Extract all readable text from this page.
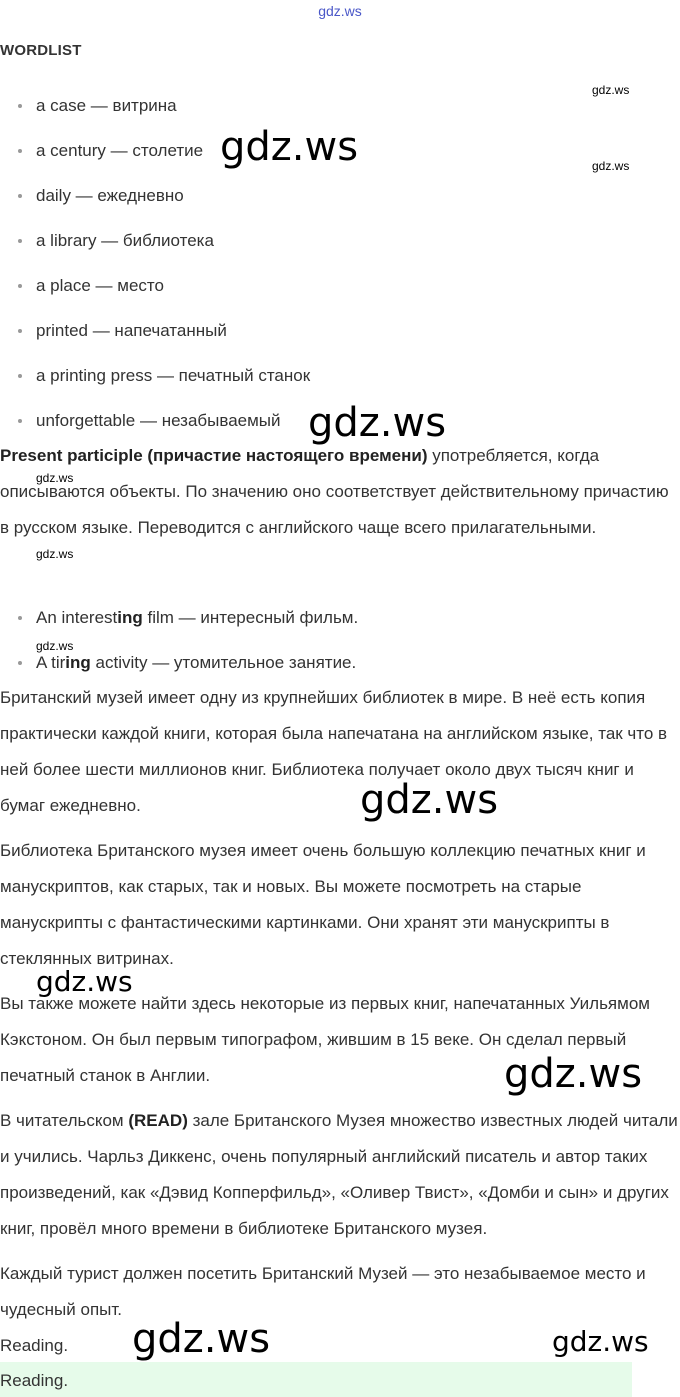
gdz.ws
WORDLIST
a case — витрина
a century — столетие
daily — ежедневно
a library — библиотека
a place — место
printed — напечатанный
a printing press — печатный станок
unforgettable — незабываемый

Present participle (причастие настоящего времени) употребляется, когда описываются объекты. По значению оно соответствует действительному причастию в русском языке. Переводится с английского чаще всего прилагательными.

An interesting film — интересный фильм.
A tiring activity — утомительное занятие.

Британский музей имеет одну из крупнейших библиотек в мире. В неё есть копия практически каждой книги, которая была напечатана на английском языке, так что в ней более шести миллионов книг. Библиотека получает около двух тысяч книг и бумаг ежедневно.

Библиотека Британского музея имеет очень большую коллекцию печатных книг и манускриптов, как старых, так и новых. Вы можете посмотреть на старые манускрипты с фантастическими картинками. Они хранят эти манускрипты в стеклянных витринах.

Вы также можете найти здесь некоторые из первых книг, напечатанных Уильямом Кэкстоном. Он был первым типографом, жившим в 15 веке. Он сделал первый печатный станок в Англии.

В читательском (READ) зале Британского Музея множество известных людей читали и учились. Чарльз Диккенс, очень популярный английский писатель и автор таких произведений, как «Дэвид Копперфильд», «Оливер Твист», «Домби и сын» и других книг, провёл много времени в библиотеке Британского музея.

Каждый турист должен посетить Британский Музей — это незабываемое место и чудесный опыт.

Reading.
Reading.
gdz.ws
gdz.ws
gdz.ws
gdz.ws
gdz.ws
gdz.ws
gdz.ws
gdz.ws
gdz.ws
gdz.ws
gdz.ws
gdz.ws
